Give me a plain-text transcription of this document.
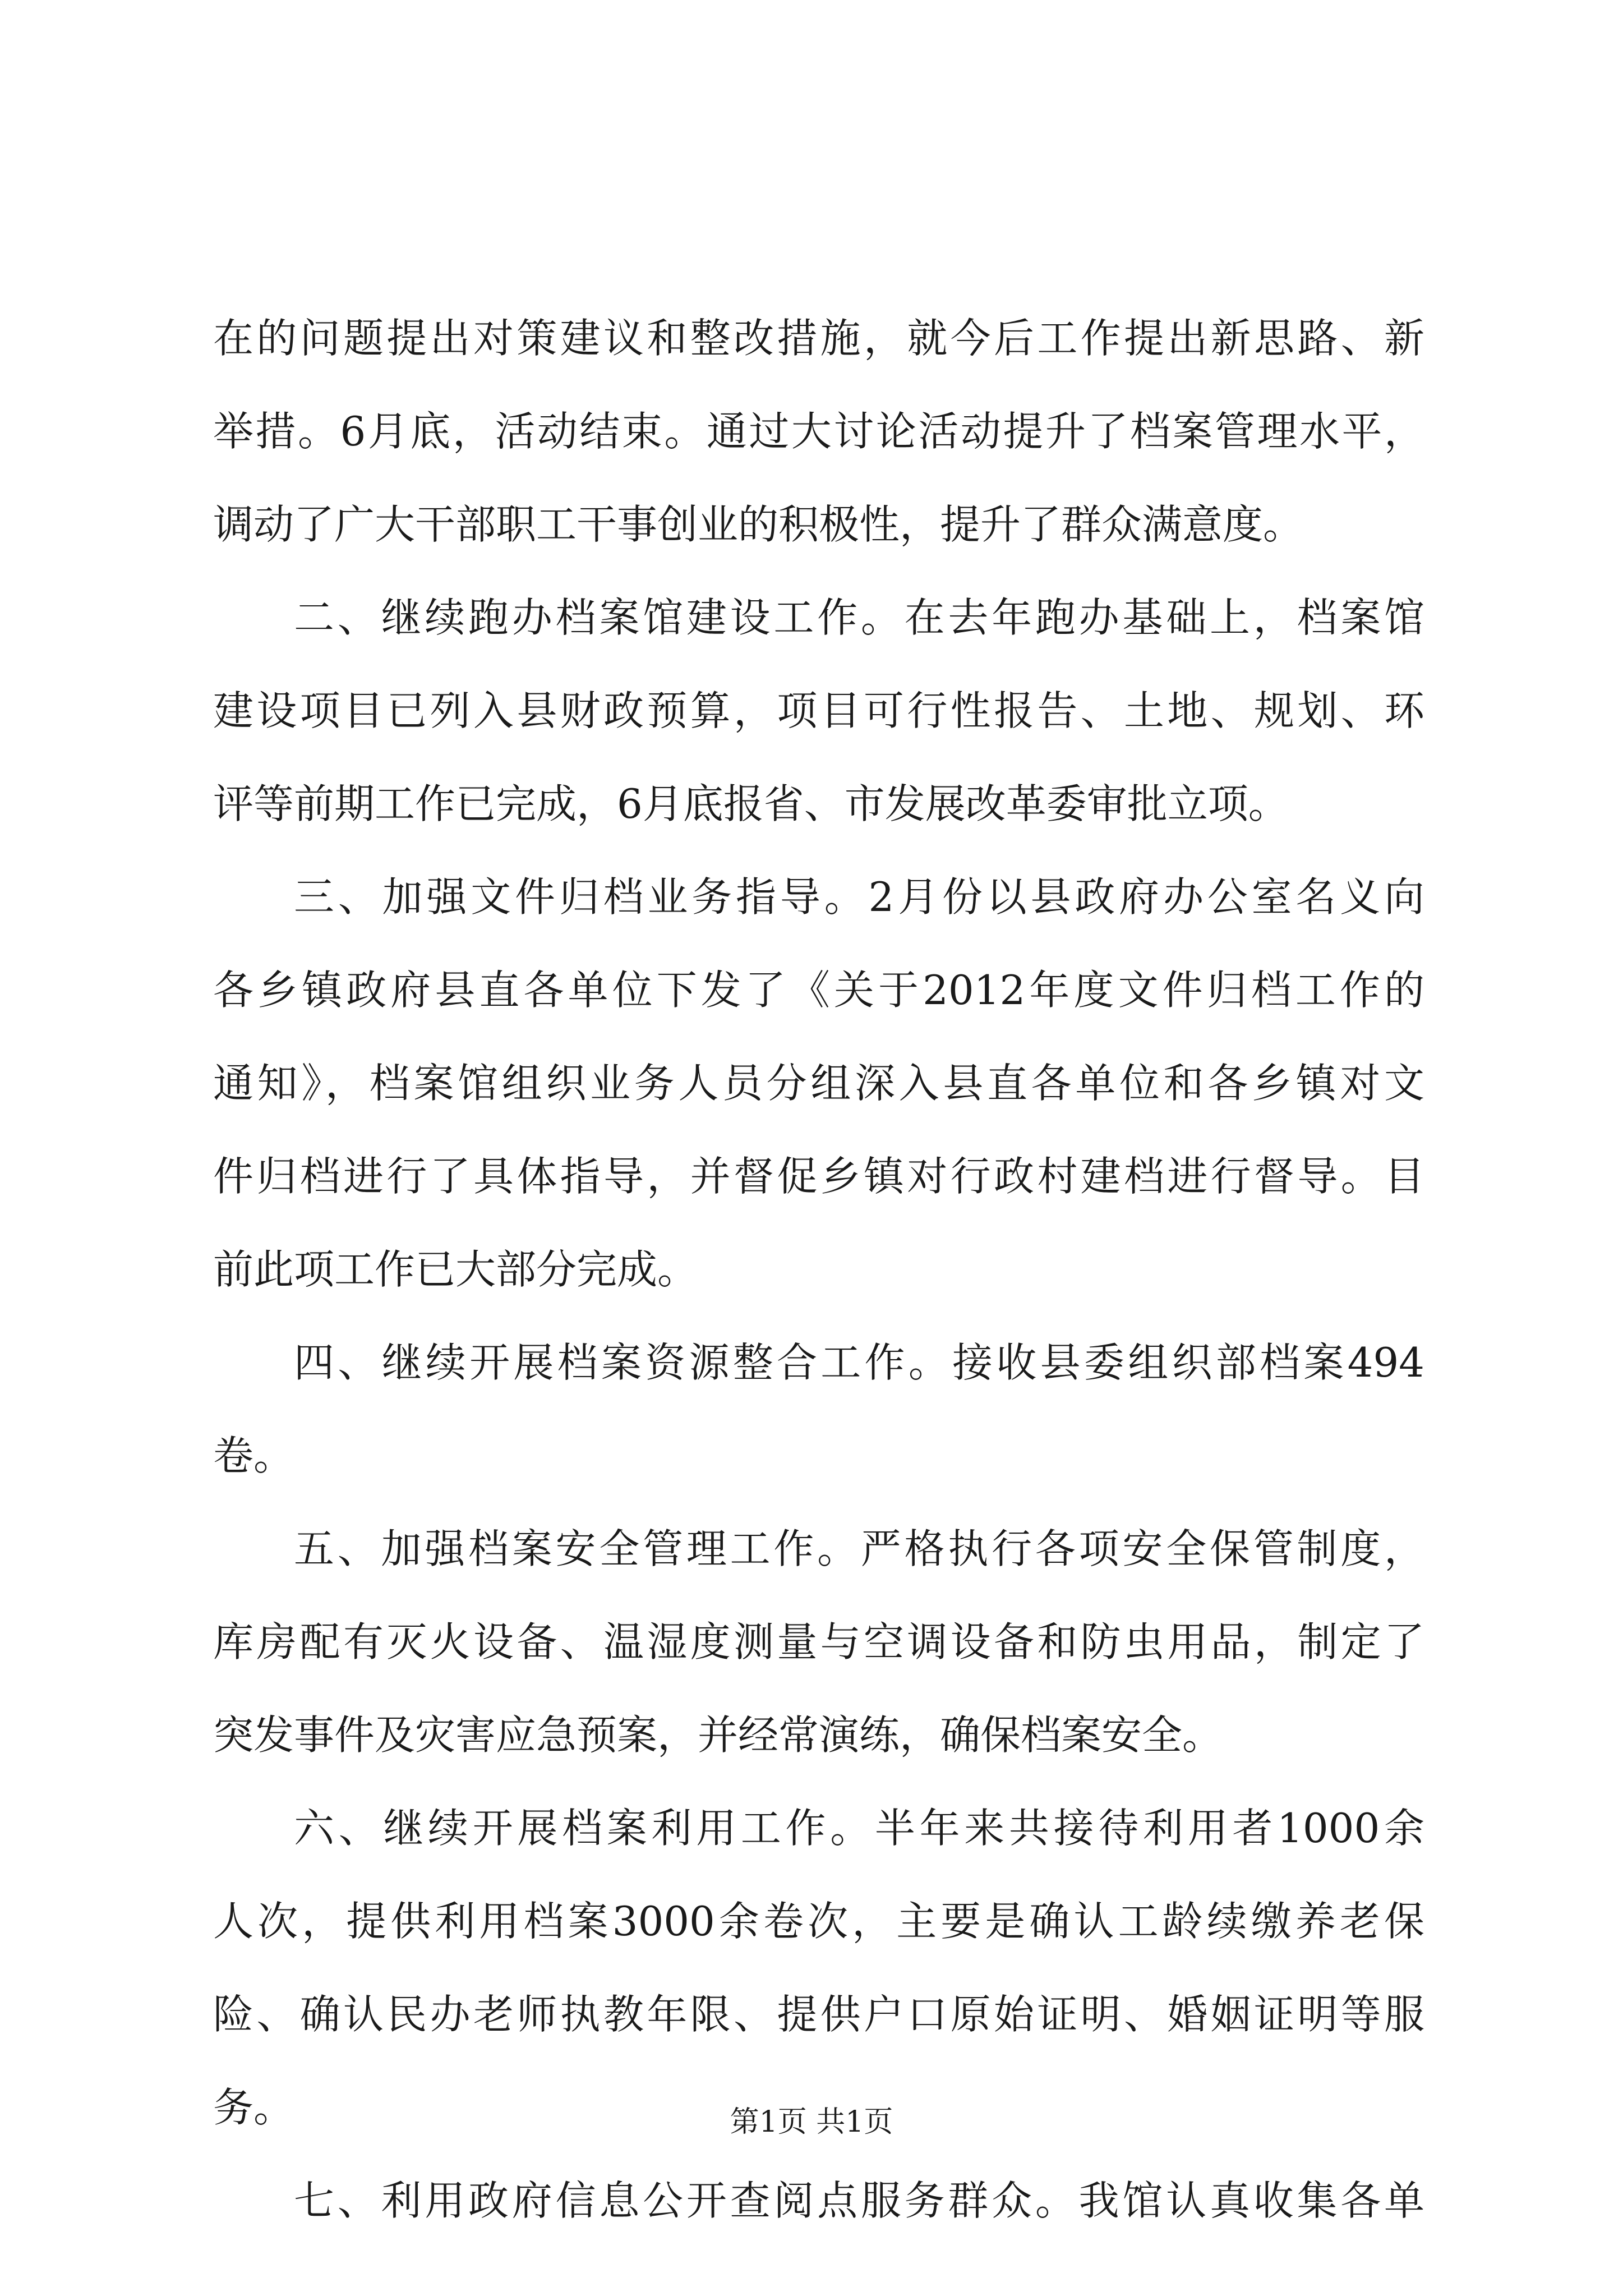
在的问题提出对策建议和整改措施，就今后工作提出新思路、新
举措。6月底，活动结束。通过大讨论活动提升了档案管理水平，
调动了广大干部职工干事创业的积极性，提升了群众满意度。
二、继续跑办档案馆建设工作。在去年跑办基础上，档案馆
建设项目已列入县财政预算，项目可行性报告、土地、规划、环
评等前期工作已完成，6月底报省、市发展改革委审批立项。
三、加强文件归档业务指导。2月份以县政府办公室名义向
各乡镇政府县直各单位下发了《关于2012年度文件归档工作的
通知》，档案馆组织业务人员分组深入县直各单位和各乡镇对文
件归档进行了具体指导，并督促乡镇对行政村建档进行督导。目
前此项工作已大部分完成。
四、继续开展档案资源整合工作。接收县委组织部档案494
卷。
五、加强档案安全管理工作。严格执行各项安全保管制度，
库房配有灭火设备、温湿度测量与空调设备和防虫用品，制定了
突发事件及灾害应急预案，并经常演练，确保档案安全。
六、继续开展档案利用工作。半年来共接待利用者1000余
人次，提供利用档案3000余卷次，主要是确认工龄续缴养老保
险、确认民办老师执教年限、提供户口原始证明、婚姻证明等服
务。
七、利用政府信息公开查阅点服务群众。我馆认真收集各单
第1页 共1页
